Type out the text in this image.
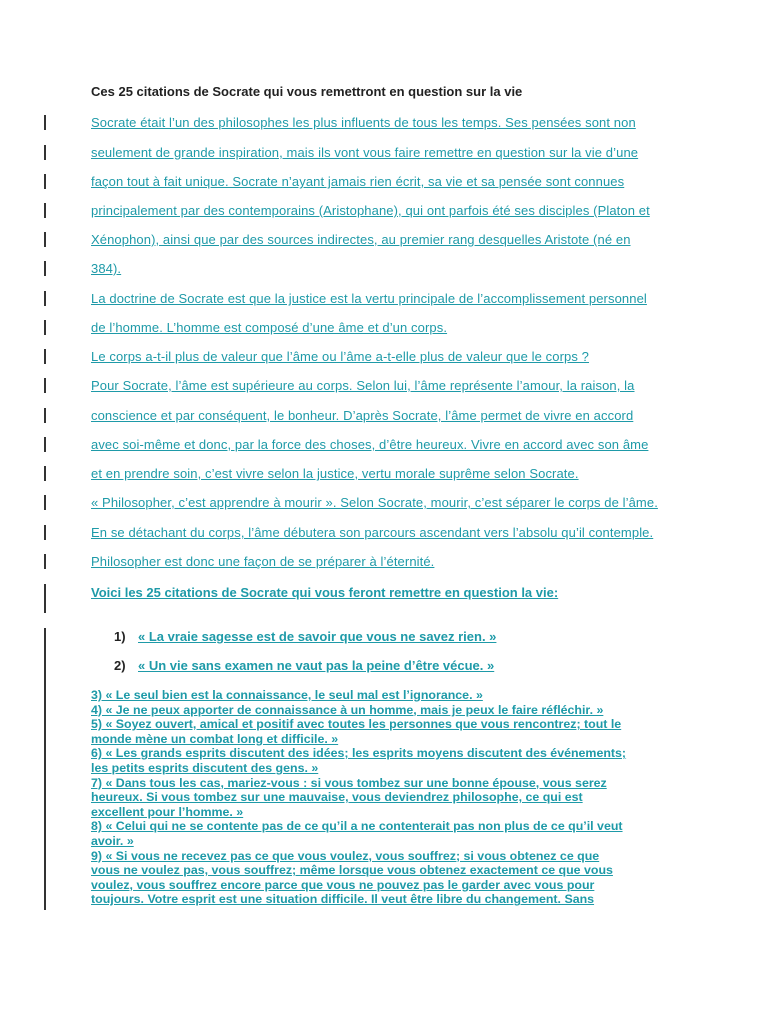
Ces 25 citations de Socrate qui vous remettront en question sur la vie
Socrate était l’un des philosophes les plus influents de tous les temps. Ses pensées sont non
seulement de grande inspiration, mais ils vont vous faire remettre en question sur la vie d’une
façon tout à fait unique. Socrate n’ayant jamais rien écrit, sa vie et sa pensée sont connues
principalement par des contemporains (Aristophane), qui ont parfois été ses disciples (Platon et
Xénophon), ainsi que par des sources indirectes, au premier rang desquelles Aristote (né en
384).
La doctrine de Socrate est que la justice est la vertu principale de l’accomplissement personnel
de l’homme. L’homme est composé d’une âme et d’un corps.
Le corps a-t-il plus de valeur que l’âme ou l’âme a-t-elle plus de valeur que le corps ?
Pour Socrate, l’âme est supérieure au corps. Selon lui, l’âme représente l’amour, la raison, la
conscience et par conséquent, le bonheur. D’après Socrate, l’âme permet de vivre en accord
avec soi-même et donc, par la force des choses, d’être heureux. Vivre en accord avec son âme
et en prendre soin, c’est vivre selon la justice, vertu morale suprême selon Socrate.
« Philosopher, c’est apprendre à mourir ». Selon Socrate, mourir, c’est séparer le corps de l’âme.
En se détachant du corps, l’âme débutera son parcours ascendant vers l’absolu qu’il contemple.
Philosopher est donc une façon de se préparer à l’éternité.
Voici les 25 citations de Socrate qui vous feront remettre en question la vie:
1) « La vraie sagesse est de savoir que vous ne savez rien. »
2) « Un vie sans examen ne vaut pas la peine d’être vécue. »
3) « Le seul bien est la connaissance, le seul mal est l’ignorance. »
4) « Je ne peux apporter de connaissance à un homme, mais je peux le faire réfléchir. »
5) « Soyez ouvert, amical et positif avec toutes les personnes que vous rencontrez; tout le
monde mène un combat long et difficile. »
6) « Les grands esprits discutent des idées; les esprits moyens discutent des événements;
les petits esprits discutent des gens. »
7) « Dans tous les cas, mariez-vous : si vous tombez sur une bonne épouse, vous serez
heureux. Si vous tombez sur une mauvaise, vous deviendrez philosophe, ce qui est
excellent pour l’homme. »
8) « Celui qui ne se contente pas de ce qu’il a ne contenterait pas non plus de ce qu’il veut
avoir. »
9) « Si vous ne recevez pas ce que vous voulez, vous souffrez; si vous obtenez ce que
vous ne voulez pas, vous souffrez; même lorsque vous obtenez exactement ce que vous
voulez, vous souffrez encore parce que vous ne pouvez pas le garder avec vous pour
toujours. Votre esprit est une situation difficile. Il veut être libre du changement. Sans
